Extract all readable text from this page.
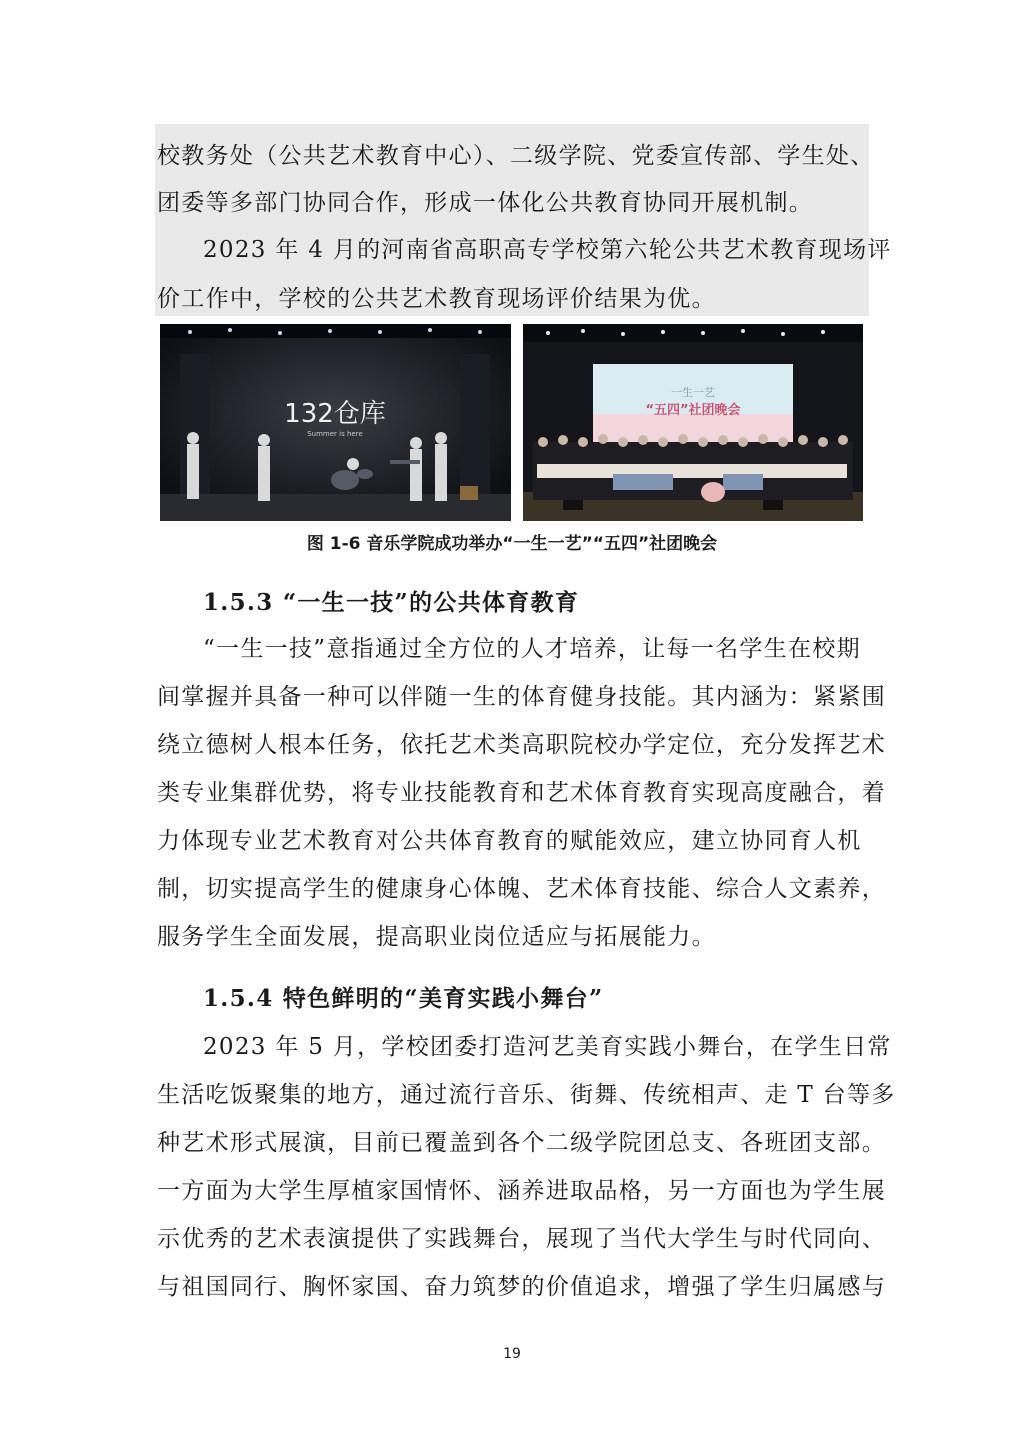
校教务处（公共艺术教育中心）、二级学院、党委宣传部、学生处、
团委等多部门协同合作，形成一体化公共教育协同开展机制。
2023 年 4 月的河南省高职高专学校第六轮公共艺术教育现场评
价工作中，学校的公共艺术教育现场评价结果为优。
132仓库
Summer is here
一生一艺
“五四”社团晚会
图 1-6 音乐学院成功举办“一生一艺”“五四”社团晚会
1.5.3 “一生一技”的公共体育教育
“一生一技”意指通过全方位的人才培养，让每一名学生在校期
间掌握并具备一种可以伴随一生的体育健身技能。其内涵为：紧紧围
绕立德树人根本任务，依托艺术类高职院校办学定位，充分发挥艺术
类专业集群优势，将专业技能教育和艺术体育教育实现高度融合，着
力体现专业艺术教育对公共体育教育的赋能效应，建立协同育人机
制，切实提高学生的健康身心体魄、艺术体育技能、综合人文素养，
服务学生全面发展，提高职业岗位适应与拓展能力。
1.5.4 特色鲜明的“美育实践小舞台”
2023 年 5 月，学校团委打造河艺美育实践小舞台，在学生日常
生活吃饭聚集的地方，通过流行音乐、街舞、传统相声、走 T 台等多
种艺术形式展演，目前已覆盖到各个二级学院团总支、各班团支部。
一方面为大学生厚植家国情怀、涵养进取品格，另一方面也为学生展
示优秀的艺术表演提供了实践舞台，展现了当代大学生与时代同向、
与祖国同行、胸怀家国、奋力筑梦的价值追求，增强了学生归属感与
19
